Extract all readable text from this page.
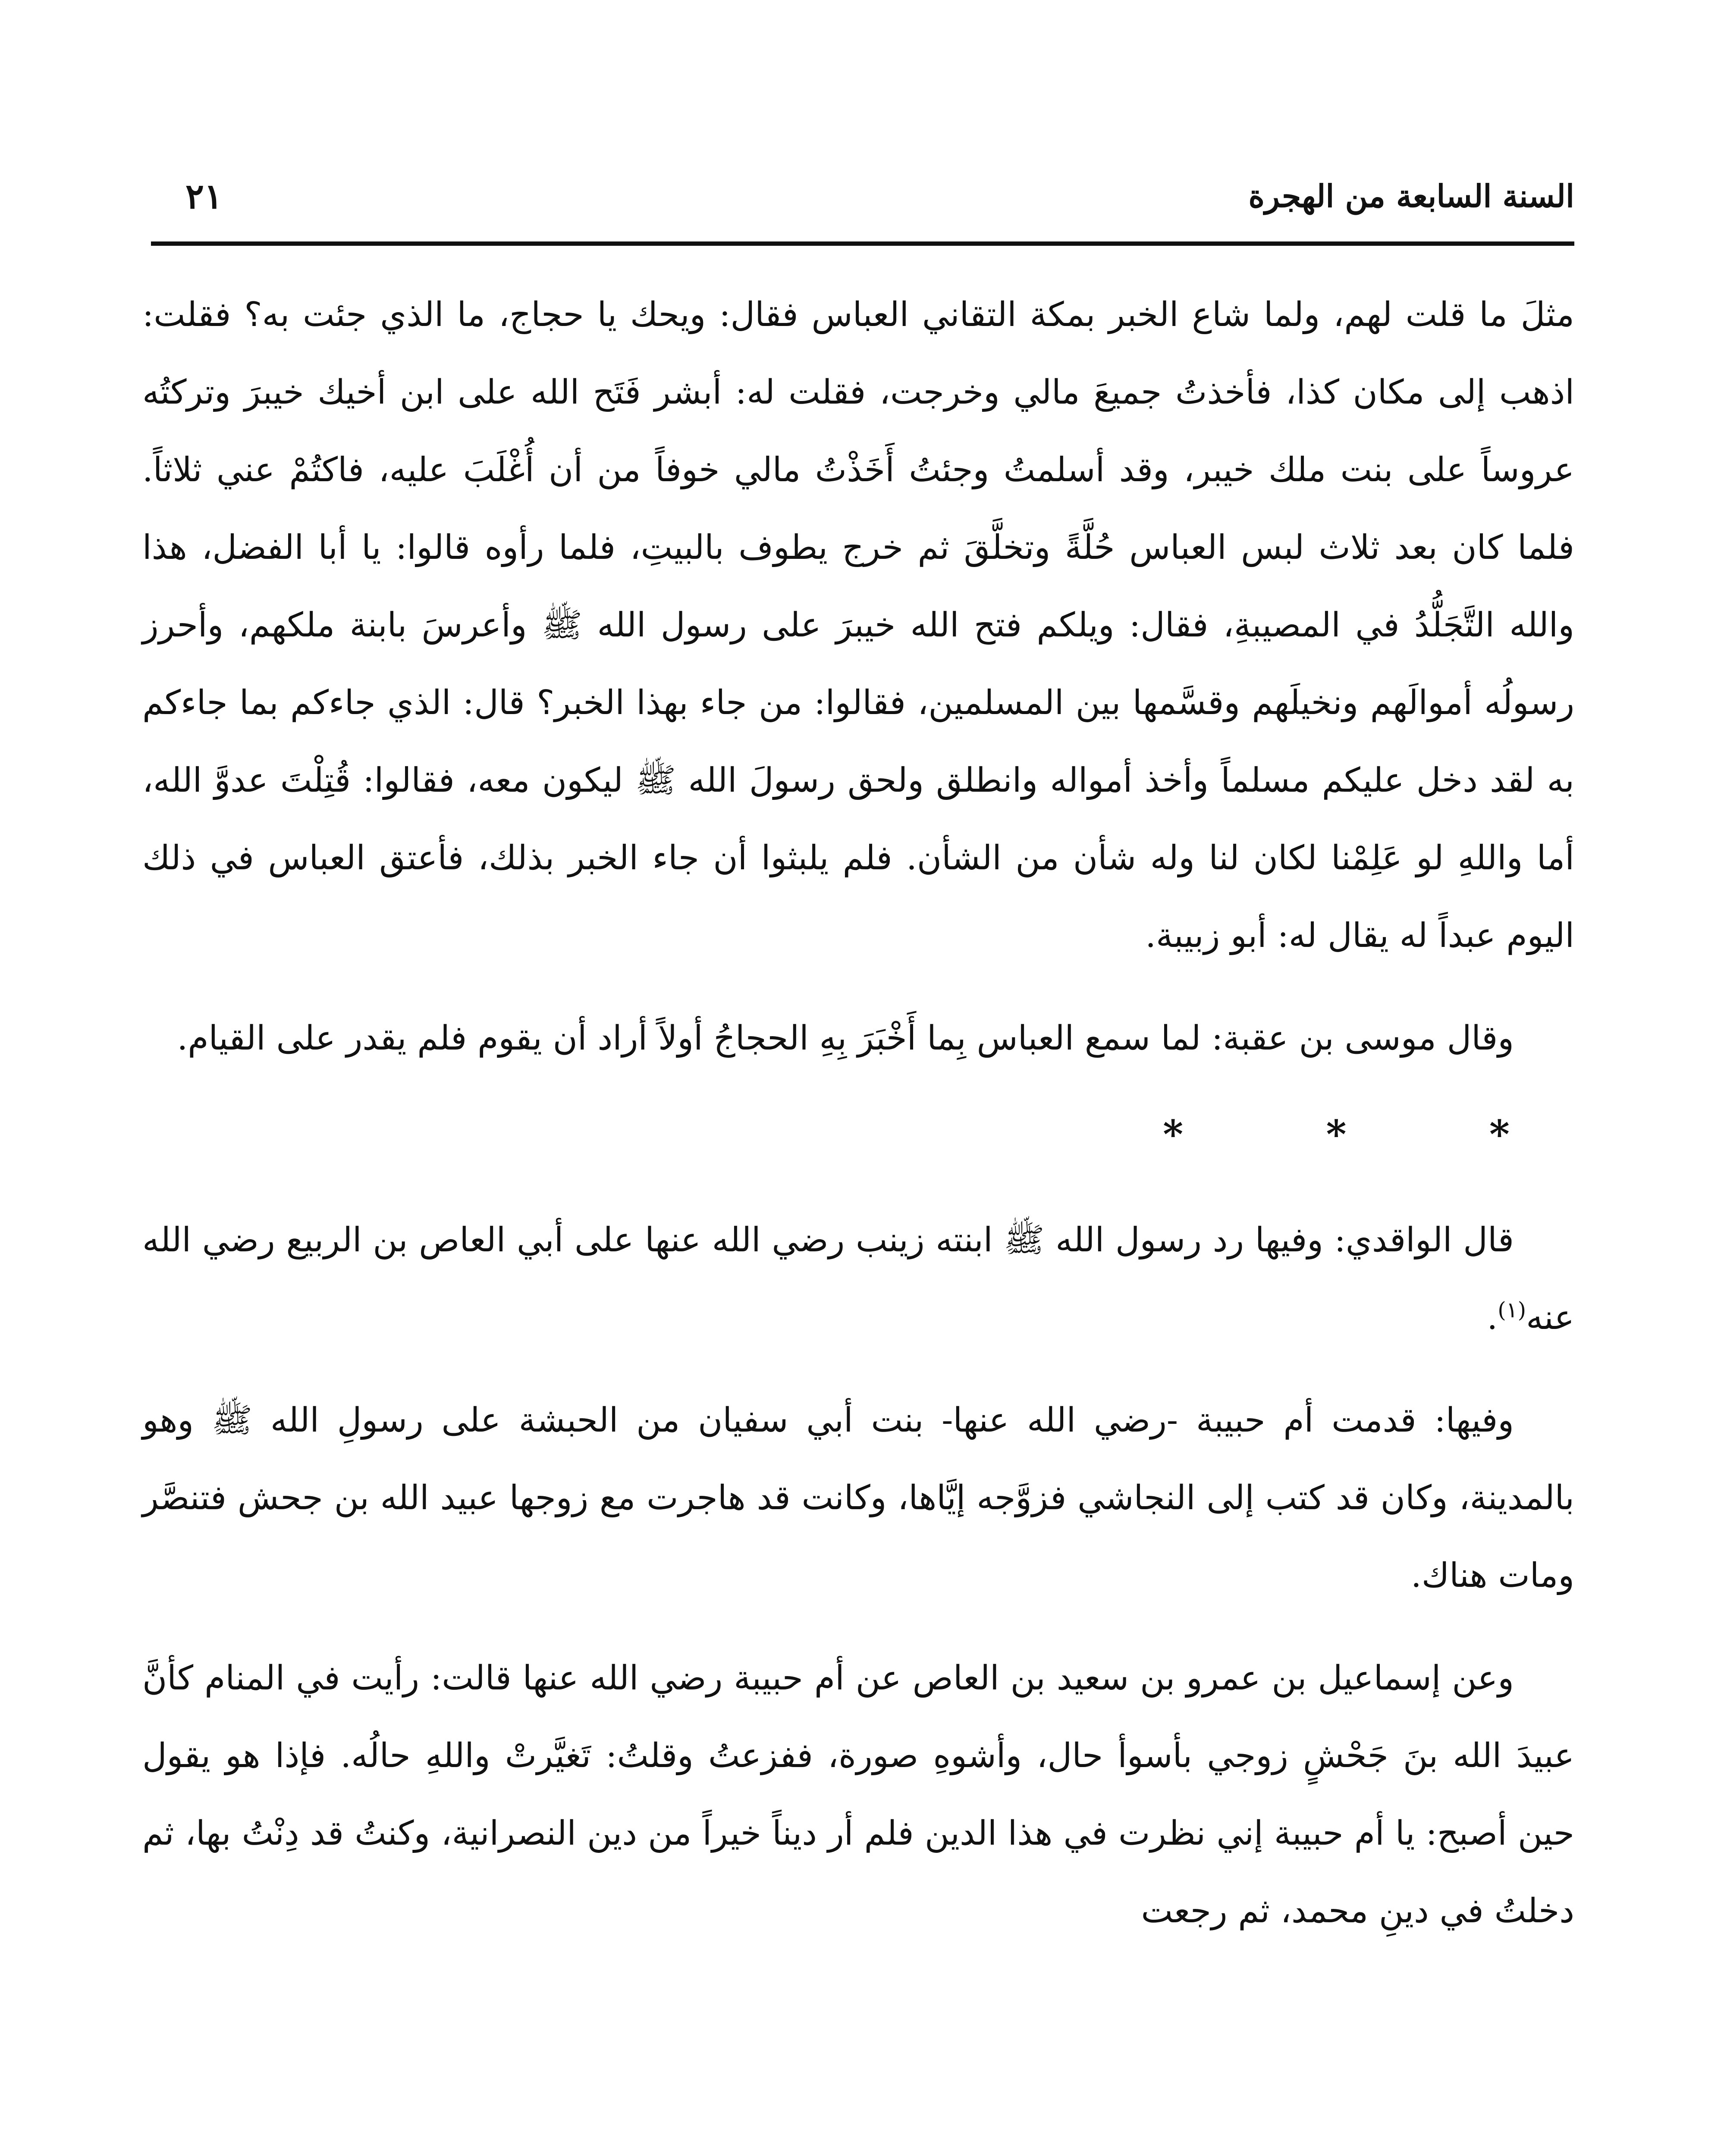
السنة السابعة من الهجرة
٢١

مثلَ ما قلت لهم، ولما شاع الخبر بمكة التقاني العباس فقال: ويحك يا حجاج، ما الذي جئت به؟ فقلت: اذهب إلى مكان كذا، فأخذتُ جميعَ مالي وخرجت، فقلت له: أبشر فَتَح الله على ابن أخيك خيبرَ وتركتُه عروساً على بنت ملك خيبر، وقد أسلمتُ وجئتُ أَخَذْتُ مالي خوفاً من أن أُغْلَبَ عليه، فاكتُمْ عني ثلاثاً. فلما كان بعد ثلاث لبس العباس حُلَّةً وتخلَّقَ ثم خرج يطوف بالبيتِ، فلما رأوه قالوا: يا أبا الفضل، هذا والله التَّجَلُّدُ في المصيبةِ، فقال: ويلكم فتح الله خيبرَ على رسول الله ﷺ وأعرسَ بابنة ملكهم، وأحرز رسولُه أموالَهم ونخيلَهم وقسَّمها بين المسلمين، فقالوا: من جاء بهذا الخبر؟ قال: الذي جاءكم بما جاءكم به لقد دخل عليكم مسلماً وأخذ أمواله وانطلق ولحق رسولَ الله ﷺ ليكون معه، فقالوا: قُتِلْتَ عدوَّ الله، أما واللهِ لو عَلِمْنا لكان لنا وله شأن من الشأن. فلم يلبثوا أن جاء الخبر بذلك، فأعتق العباس في ذلك اليوم عبداً له يقال له: أبو زبيبة.

وقال موسى بن عقبة: لما سمع العباس بِما أَخْبَرَ بِهِ الحجاجُ أولاً أراد أن يقوم فلم يقدر على القيام.

* * *

قال الواقدي: وفيها رد رسول الله ﷺ ابنته زينب رضي الله عنها على أبي العاص بن الربيع رضي الله عنه$^{(١)}$.

وفيها: قدمت أم حبيبة -رضي الله عنها- بنت أبي سفيان من الحبشة على رسولِ الله ﷺ وهو بالمدينة، وكان قد كتب إلى النجاشي فزوَّجه إيَّاها، وكانت قد هاجرت مع زوجها عبيد الله بن جحش فتنصَّر ومات هناك.

وعن إسماعيل بن عمرو بن سعيد بن العاص عن أم حبيبة رضي الله عنها قالت: رأيت في المنام كأنَّ عبيدَ الله بنَ جَحْشٍ زوجي بأسوأ حال، وأشوهِ صورة، ففزعتُ وقلتُ: تَغيَّرتْ واللهِ حالُه. فإذا هو يقول حين أصبح: يا أم حبيبة إني نظرت في هذا الدين فلم أر ديناً خيراً من دين النصرانية، وكنتُ قد دِنْتُ بها، ثم دخلتُ في دينِ محمد، ثم رجعت
